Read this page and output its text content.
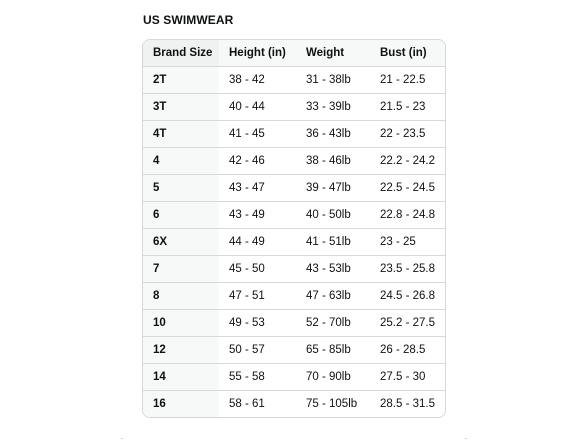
US SWIMWEAR
Brand Size	Height (in)	Weight	Bust (in)
2T	38 - 42	31 - 38lb	21 - 22.5
3T	40 - 44	33 - 39lb	21.5 - 23
4T	41 - 45	36 - 43lb	22 - 23.5
4	42 - 46	38 - 46lb	22.2 - 24.2
5	43 - 47	39 - 47lb	22.5 - 24.5
6	43 - 49	40 - 50lb	22.8 - 24.8
6X	44 - 49	41 - 51lb	23 - 25
7	45 - 50	43 - 53lb	23.5 - 25.8
8	47 - 51	47 - 63lb	24.5 - 26.8
10	49 - 53	52 - 70lb	25.2 - 27.5
12	50 - 57	65 - 85lb	26 - 28.5
14	55 - 58	70 - 90lb	27.5 - 30
16	58 - 61	75 - 105lb	28.5 - 31.5
